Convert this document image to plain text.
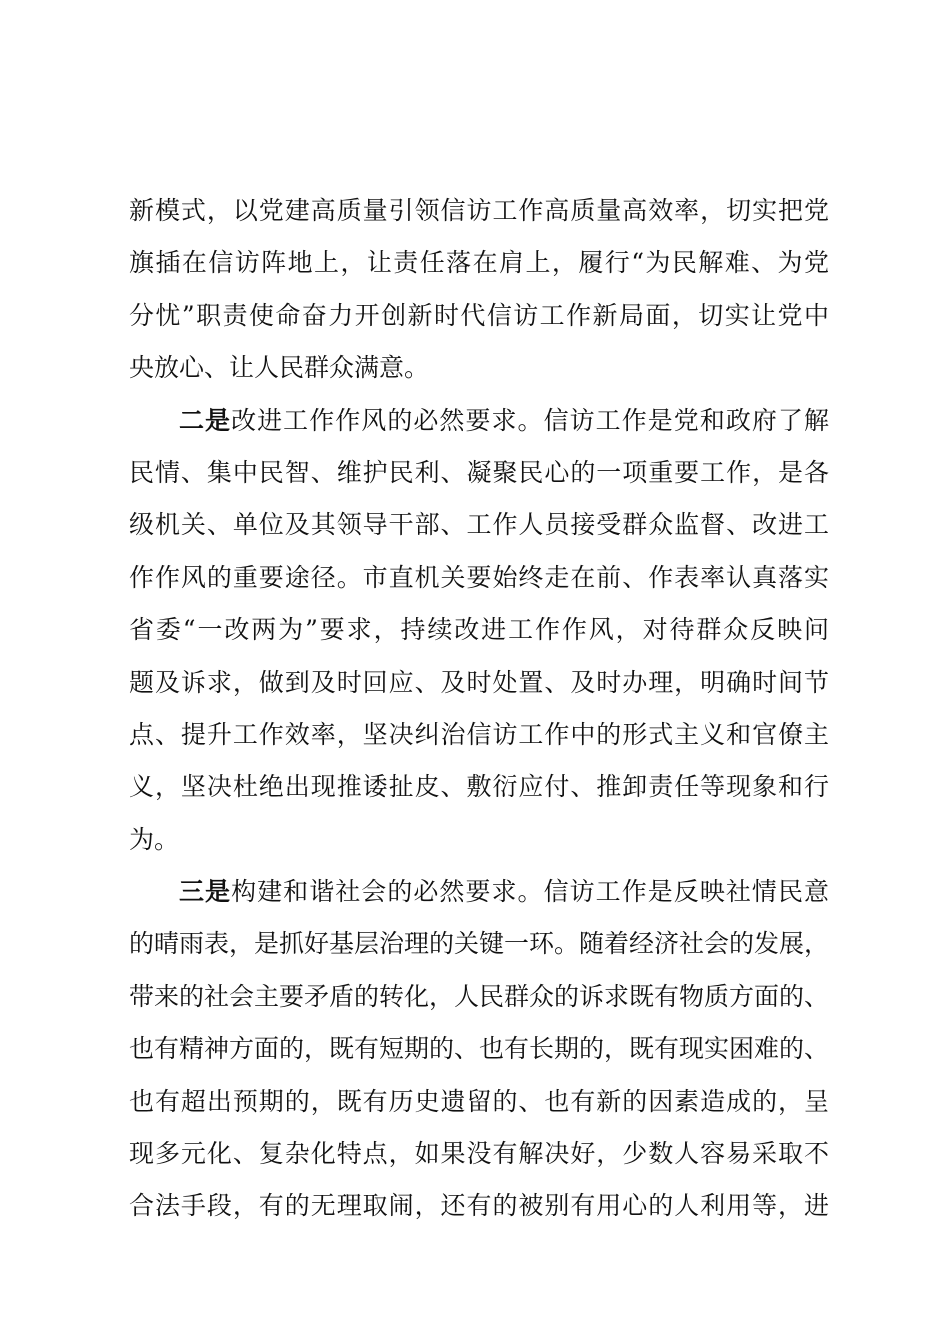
新模式，以党建高质量引领信访工作高质量高效率，切实把党
旗插在信访阵地上，让责任落在肩上，履行“为民解难、为党
分忧”职责使命奋力开创新时代信访工作新局面，切实让党中
央放心、让人民群众满意。
二是改进工作作风的必然要求。信访工作是党和政府了解
民情、集中民智、维护民利、凝聚民心的一项重要工作，是各
级机关、单位及其领导干部、工作人员接受群众监督、改进工
作作风的重要途径。市直机关要始终走在前、作表率认真落实
省委“一改两为”要求，持续改进工作作风，对待群众反映问
题及诉求，做到及时回应、及时处置、及时办理，明确时间节
点、提升工作效率，坚决纠治信访工作中的形式主义和官僚主
义，坚决杜绝出现推诿扯皮、敷衍应付、推卸责任等现象和行
为。
三是构建和谐社会的必然要求。信访工作是反映社情民意
的晴雨表，是抓好基层治理的关键一环。随着经济社会的发展，
带来的社会主要矛盾的转化，人民群众的诉求既有物质方面的、
也有精神方面的，既有短期的、也有长期的，既有现实困难的、
也有超出预期的，既有历史遗留的、也有新的因素造成的，呈
现多元化、复杂化特点，如果没有解决好，少数人容易采取不
合法手段，有的无理取闹，还有的被别有用心的人利用等，进
